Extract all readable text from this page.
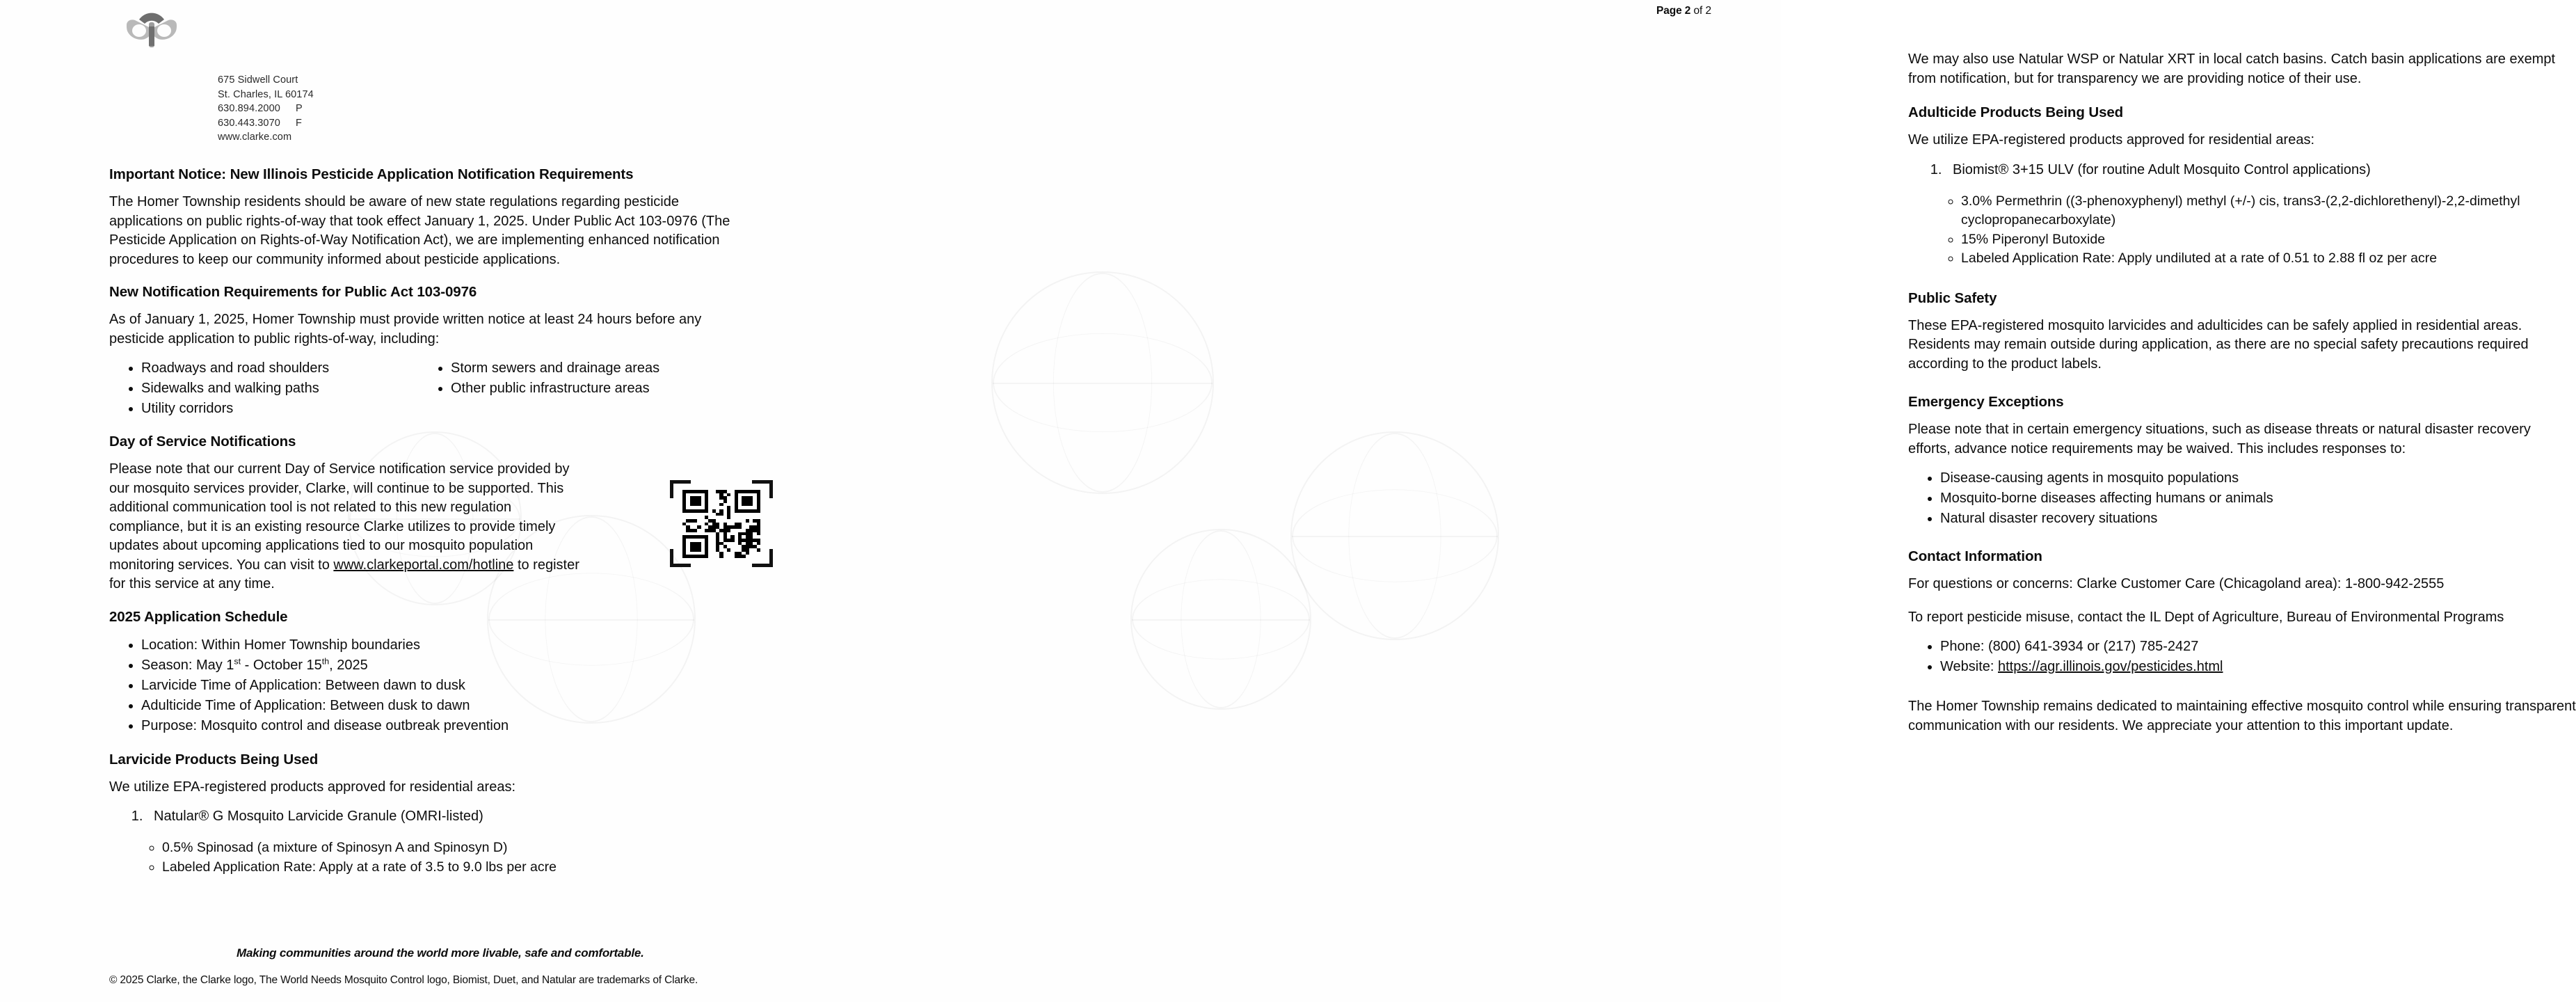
675 Sidwell Court
St. Charles, IL 60174
630.894.2000	P
630.443.3070	F
www.clarke.com
Important Notice: New Illinois Pesticide Application Notification Requirements

The Homer Township residents should be aware of new state regulations regarding pesticide applications on public rights-of-way that took effect January 1, 2025. Under Public Act 103-0976 (The Pesticide Application on Rights-of-Way Notification Act), we are implementing enhanced notification procedures to keep our community informed about pesticide applications.

New Notification Requirements for Public Act 103-0976

As of January 1, 2025, Homer Township must provide written notice at least 24 hours before any pesticide application to public rights-of-way, including:

• Roadways and road shoulders
• Sidewalks and walking paths
• Utility corridors
• Storm sewers and drainage areas
• Other public infrastructure areas
Day of Service Notifications

Please note that our current Day of Service notification service provided by our mosquito services provider, Clarke, will continue to be supported. This additional communication tool is not related to this new regulation compliance, but it is an existing resource Clarke utilizes to provide timely updates about upcoming applications tied to our mosquito population monitoring services. You can visit to www.clarkeportal.com/hotline to register for this service at any time.

2025 Application Schedule
• Location: Within Homer Township boundaries
• Season: May 1st - October 15th, 2025
• Larvicide Time of Application: Between dawn to dusk
• Adulticide Time of Application: Between dusk to dawn
• Purpose: Mosquito control and disease outbreak prevention
Larvicide Products Being Used

We utilize EPA-registered products approved for residential areas:

1. Natular® G Mosquito Larvicide Granule (OMRI-listed)
◦ 0.5% Spinosad (a mixture of Spinosyn A and Spinosyn D)
◦ Labeled Application Rate: Apply at a rate of 3.5 to 9.0 lbs per acre
Making communities around the world more livable, safe and comfortable.
© 2025 Clarke, the Clarke logo, The World Needs Mosquito Control logo, Biomist, Duet, and Natular are trademarks of Clarke.
Page 2 of 2

We may also use Natular WSP or Natular XRT in local catch basins. Catch basin applications are exempt from notification, but for transparency we are providing notice of their use.

Adulticide Products Being Used

We utilize EPA-registered products approved for residential areas:

1. Biomist® 3+15 ULV (for routine Adult Mosquito Control applications)
◦ 3.0% Permethrin ((3-phenoxyphenyl) methyl (+/-) cis, trans3-(2,2-dichlorethenyl)-2,2-dimethyl cyclopropanecarboxylate)
◦ 15% Piperonyl Butoxide
◦ Labeled Application Rate: Apply undiluted at a rate of 0.51 to 2.88 fl oz per acre
Public Safety

These EPA-registered mosquito larvicides and adulticides can be safely applied in residential areas. Residents may remain outside during application, as there are no special safety precautions required according to the product labels.

Emergency Exceptions

Please note that in certain emergency situations, such as disease threats or natural disaster recovery efforts, advance notice requirements may be waived. This includes responses to:

• Disease-causing agents in mosquito populations
• Mosquito-borne diseases affecting humans or animals
• Natural disaster recovery situations
Contact Information

For questions or concerns: Clarke Customer Care (Chicagoland area): 1-800-942-2555

To report pesticide misuse, contact the IL Dept of Agriculture, Bureau of Environmental Programs

• Phone: (800) 641-3934 or (217) 785-2427
• Website: https://agr.illinois.gov/pesticides.html

The Homer Township remains dedicated to maintaining effective mosquito control while ensuring transparent communication with our residents. We appreciate your attention to this important update.
